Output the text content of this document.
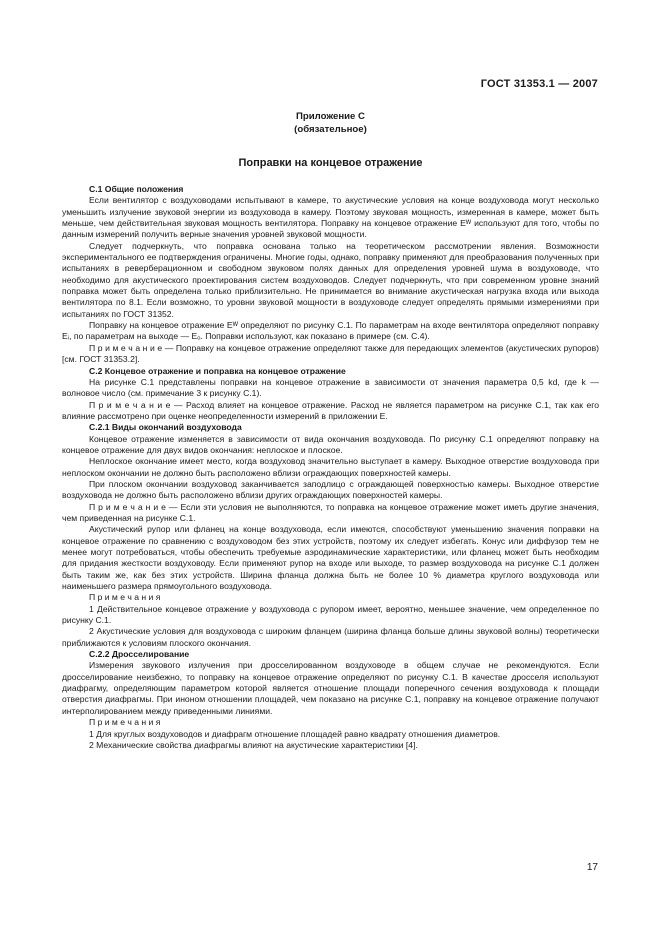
ГОСТ 31353.1 — 2007
Приложение С
(обязательное)
Поправки на концевое отражение
С.1 Общие положения

Если вентилятор с воздуховодами испытывают в камере, то акустические условия на конце воздуховода могут несколько уменьшить излучение звуковой энергии из воздуховода в камеру. Поэтому звуковая мощность, измеренная в камере, может быть меньше, чем действительная звуковая мощность вентилятора. Поправку на концевое отражение Eᵂ используют для того, чтобы по данным измерений получить верные значения уровней звуковой мощности.

Следует подчеркнуть, что поправка основана только на теоретическом рассмотрении явления. Возможности экспериментального ее подтверждения ограничены. Многие годы, однако, поправку применяют для преобразования полученных при испытаниях в реверберационном и свободном звуковом полях данных для определения уровней шума в воздуховоде, что необходимо для акустического проектирования систем воздуховодов. Следует подчеркнуть, что при современном уровне знаний поправка может быть определена только приблизительно. Не принимается во внимание акустическая нагрузка входа или выхода вентилятора по 8.1. Если возможно, то уровни звуковой мощности в воздуховоде следует определять прямыми измерениями при испытаниях по ГОСТ 31352.

Поправку на концевое отражение Eᵂ определяют по рисунку С.1. По параметрам на входе вентилятора определяют поправку Eᵢ, по параметрам на выходе — Eₒ. Поправки используют, как показано в примере (см. С.4).

П р и м е ч а н и е — Поправку на концевое отражение определяют также для передающих элементов (акустических рупоров) [см. ГОСТ 31353.2].

С.2 Концевое отражение и поправка на концевое отражение

На рисунке С.1 представлены поправки на концевое отражение в зависимости от значения параметра 0,5 kd, где k — волновое число (см. примечание 3 к рисунку С.1).

П р и м е ч а н и е — Расход влияет на концевое отражение. Расход не является параметром на рисунке С.1, так как его влияние рассмотрено при оценке неопределенности измерений в приложении Е.

С.2.1 Виды окончаний воздуховода

Концевое отражение изменяется в зависимости от вида окончания воздуховода. По рисунку С.1 определяют поправку на концевое отражение для двух видов окончания: неплоское и плоское.

Неплоское окончание имеет место, когда воздуховод значительно выступает в камеру. Выходное отверстие воздуховода при неплоском окончании не должно быть расположено вблизи ограждающих поверхностей камеры.

При плоском окончании воздуховод заканчивается заподлицо с ограждающей поверхностью камеры. Выходное отверстие воздуховода не должно быть расположено вблизи других ограждающих поверхностей камеры.

П р и м е ч а н и е — Если эти условия не выполняются, то поправка на концевое отражение может иметь другие значения, чем приведенная на рисунке С.1.

Акустический рупор или фланец на конце воздуховода, если имеются, способствуют уменьшению значения поправки на концевое отражение по сравнению с воздуховодом без этих устройств, поэтому их следует избегать. Конус или диффузор тем не менее могут потребоваться, чтобы обеспечить требуемые аэродинамические характеристики, или фланец может быть необходим для придания жесткости воздуховоду. Если применяют рупор на входе или выходе, то размер воздуховода на рисунке С.1 должен быть таким же, как без этих устройств. Ширина фланца должна быть не более 10 % диаметра круглого воздуховода или наименьшего размера прямоугольного воздуховода.

П р и м е ч а н и я

1 Действительное концевое отражение у воздуховода с рупором имеет, вероятно, меньшее значение, чем определенное по рисунку С.1.

2 Акустические условия для воздуховода с широким фланцем (ширина фланца больше длины звуковой волны) теоретически приближаются к условиям плоского окончания.

С.2.2 Дросселирование

Измерения звукового излучения при дросселированном воздуховоде в общем случае не рекомендуются. Если дросселирование неизбежно, то поправку на концевое отражение определяют по рисунку С.1. В качестве дросселя используют диафрагму, определяющим параметром которой является отношение площади поперечного сечения воздуховода к площади отверстия диафрагмы. При иноном отношении площадей, чем показано на рисунке С.1, поправку на концевое отражение получают интерполированием между приведенными линиями.

П р и м е ч а н и я

1 Для круглых воздуховодов и диафрагм отношение площадей равно квадрату отношения диаметров.

2 Механические свойства диафрагмы влияют на акустические характеристики [4].

17
